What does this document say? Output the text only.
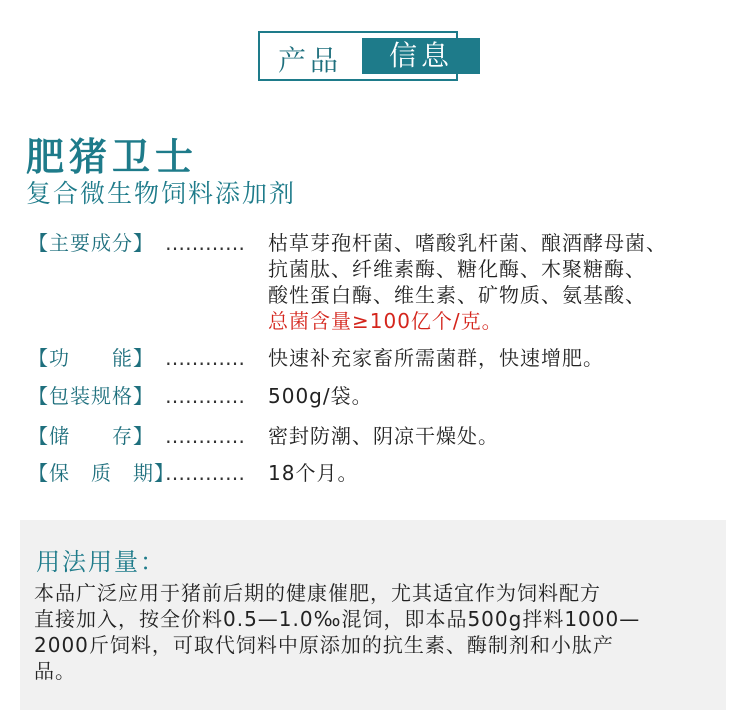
产品	信息
肥猪卫士
复合微生物饲料添加剂
【主要成分】 ………… 枯草芽孢杆菌、嗜酸乳杆菌、酿酒酵母菌、
抗菌肽、纤维素酶、糖化酶、木聚糖酶、
酸性蛋白酶、维生素、矿物质、氨基酸、
总菌含量≥100亿个/克。
【功　　能】 ………… 快速补充家畜所需菌群，快速增肥。
【包装规格】 ………… 500g/袋。
【储　　存】 ………… 密封防潮、阴凉干燥处。
【保　质　期】
………… 18个月。
用法用量：
本品广泛应用于猪前后期的健康催肥，尤其适宜作为饲料配方
直接加入，按全价料0.5—1.0‰混饲，即本品500g拌料1000—
2000斤饲料，可取代饲料中原添加的抗生素、酶制剂和小肽产
品。
